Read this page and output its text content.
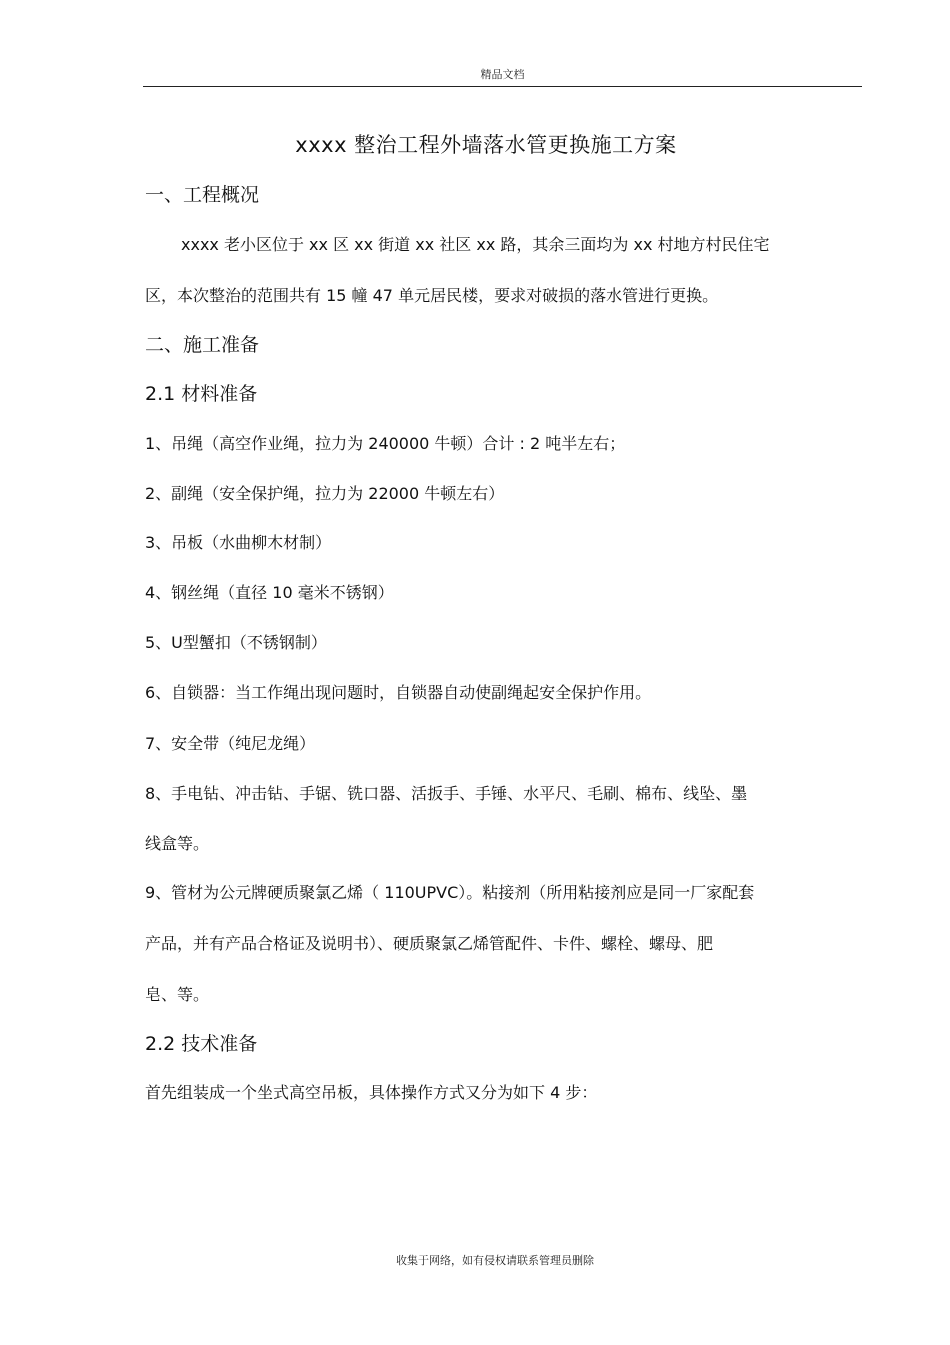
精品文档
xxxx 整治工程外墙落水管更换施工方案
一、工程概况
xxxx 老小区位于 xx 区 xx 街道 xx 社区 xx 路，其余三面均为 xx 村地方村民住宅
区，本次整治的范围共有 15 幢 47 单元居民楼，要求对破损的落水管进行更换。
二、施工准备
2.1 材料准备
1、吊绳（高空作业绳，拉力为 240000 牛顿）合计 : 2 吨半左右；
2、副绳（安全保护绳，拉力为 22000 牛顿左右）
3、吊板（水曲柳木材制）
4、钢丝绳（直径 10 毫米不锈钢）
5、U型蟹扣（不锈钢制）
6、自锁器：当工作绳出现问题时，自锁器自动使副绳起安全保护作用。
7、安全带（纯尼龙绳）
8、手电钻、冲击钻、手锯、铣口器、活扳手、手锤、水平尺、毛刷、棉布、线坠、墨
线盒等。
9、管材为公元牌硬质聚氯乙烯（ 110UPVC）。粘接剂（所用粘接剂应是同一厂家配套
产品，并有产品合格证及说明书）、硬质聚氯乙烯管配件、卡件、螺栓、螺母、肥
皂、等。
2.2 技术准备
首先组装成一个坐式高空吊板，具体操作方式又分为如下 4 步：
收集于网络，如有侵权请联系管理员删除
